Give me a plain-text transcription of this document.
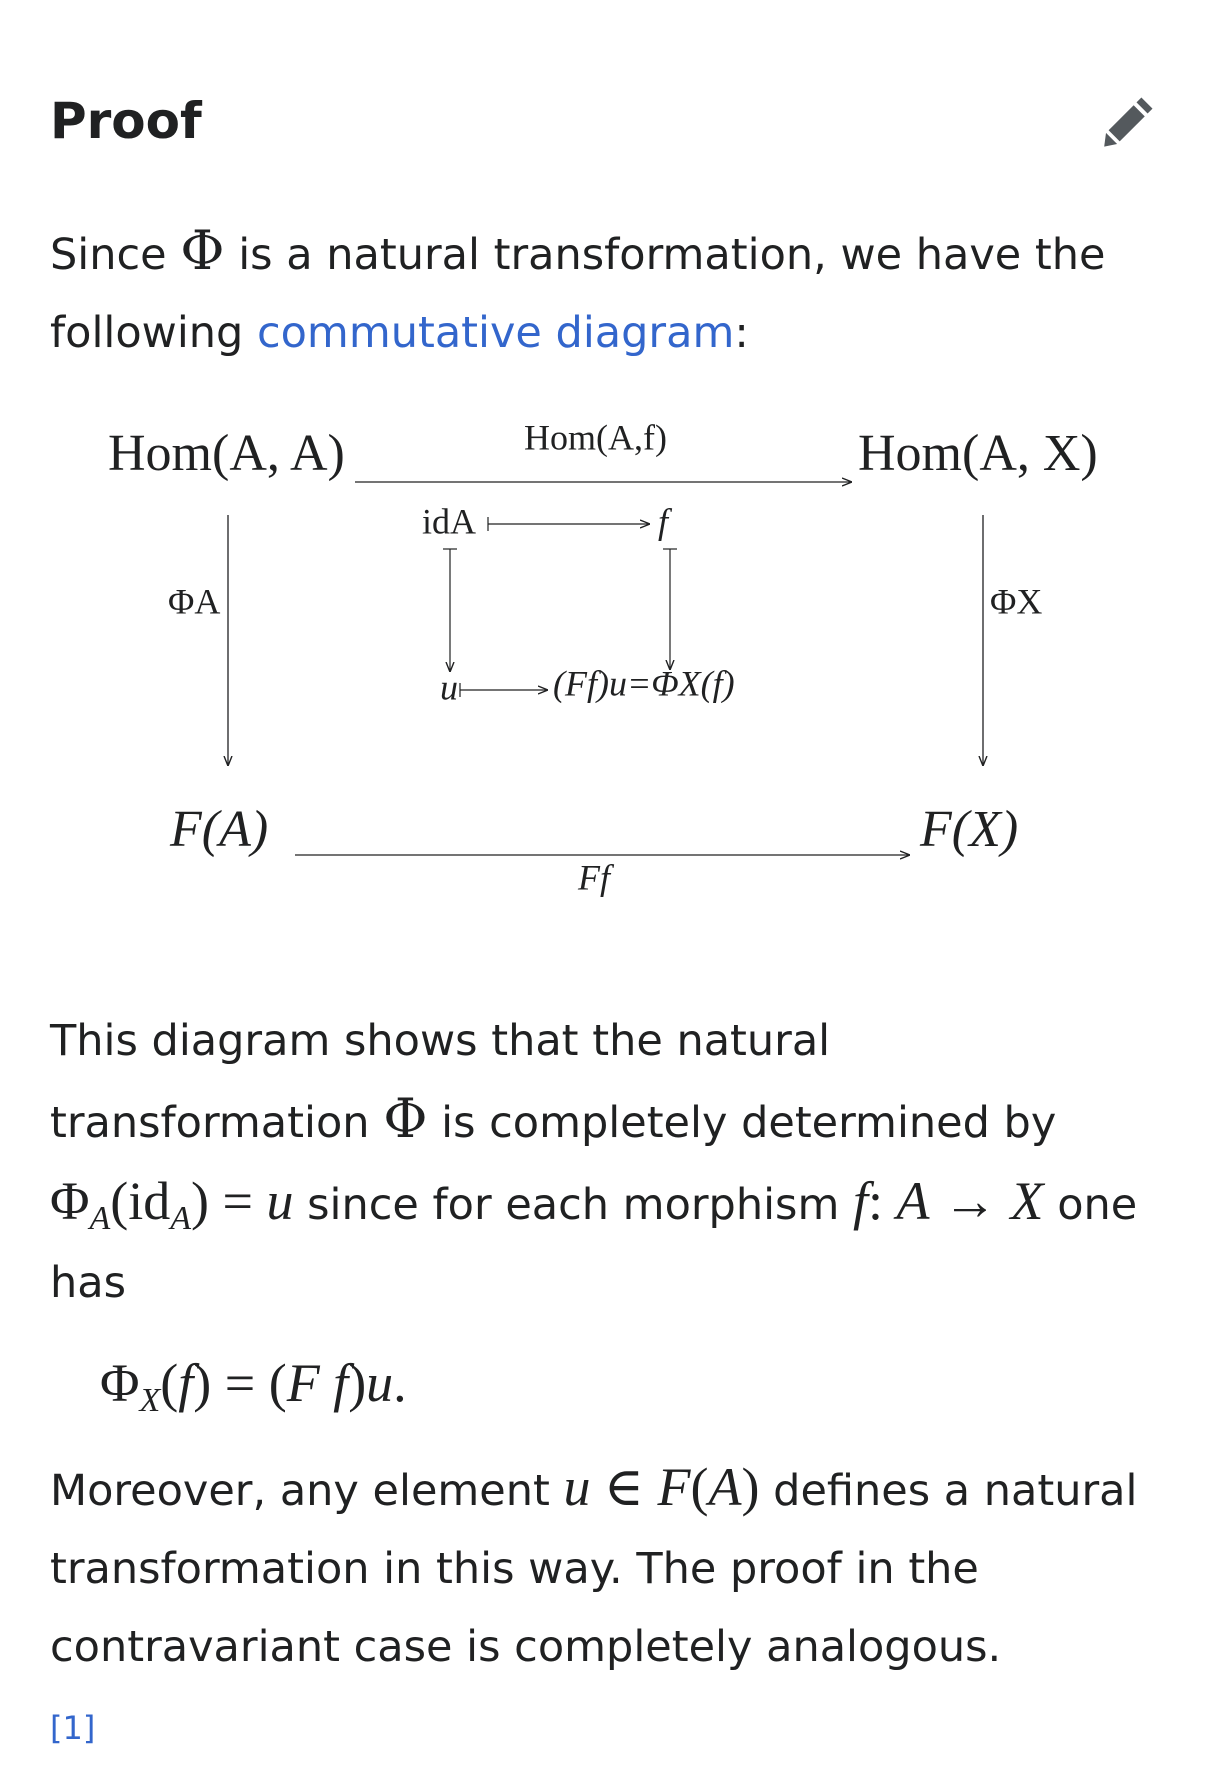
Proof

Since Φ is a natural transformation, we have the following commutative diagram:

Hom(A, A)	Hom(A, X)
F(A)	F(X)
Hom(A,f)
Ff
ΦA	ΦX
idA	f
u	(Ff)u=ΦX(f)

This diagram shows that the natural transformation Φ is completely determined by $\Phi_A(id_A) = u$ since for each morphism f: A → X one has

$\Phi_X(f) = (F$ f)u.

Moreover, any element u ∈ F(A) defines a natural transformation in this way. The proof in the contravariant case is completely analogous.
[1]
